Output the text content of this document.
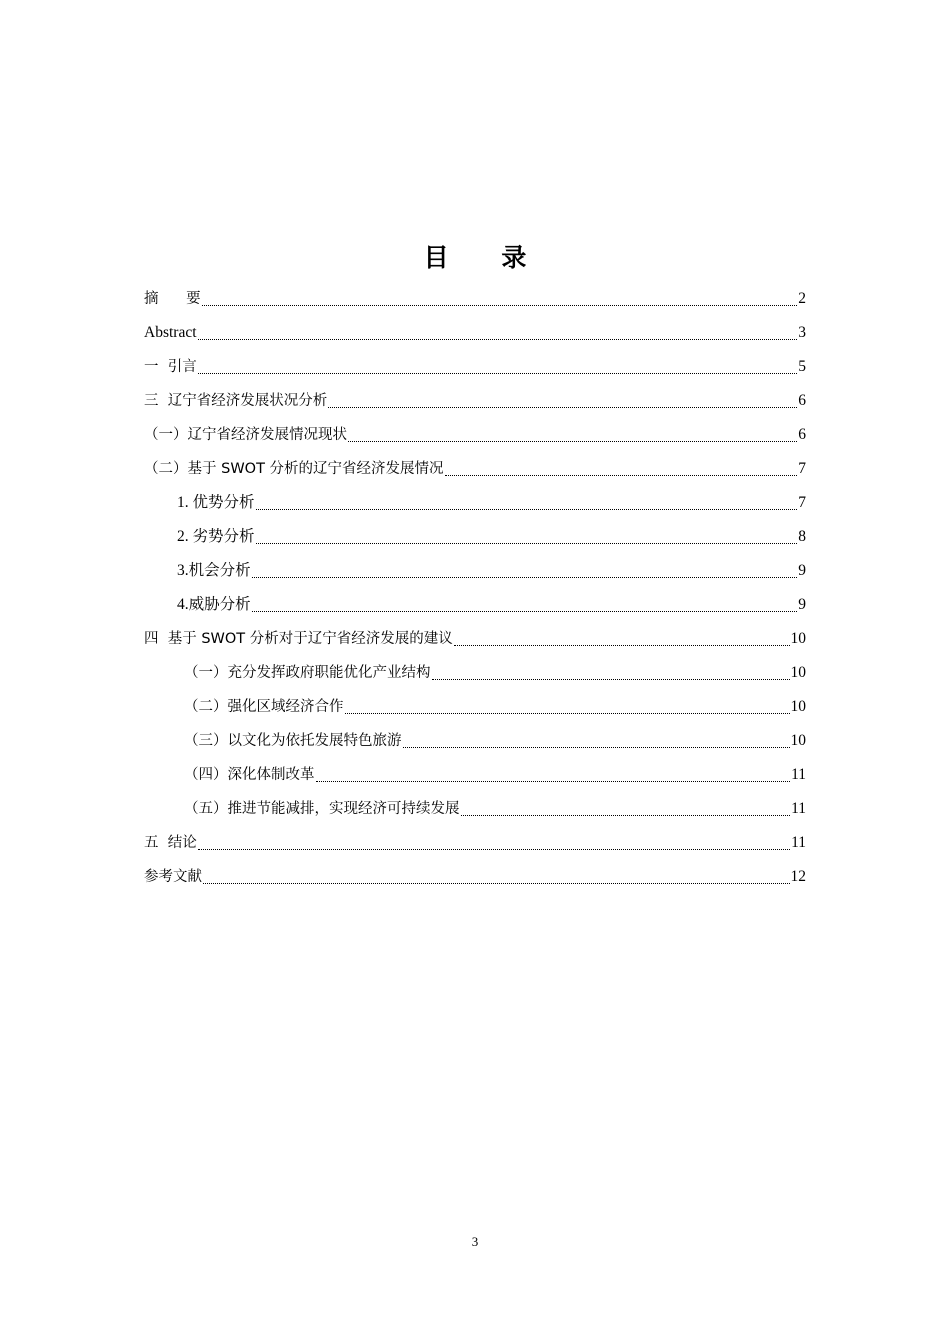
目 录
摘      要	2
Abstract	3
一  引言	5
三  辽宁省经济发展状况分析	6
（一）辽宁省经济发展情况现状	6
（二）基于 SWOT 分析的辽宁省经济发展情况	7
1. 优势分析	7
2. 劣势分析	8
3.机会分析	9
4.威胁分析	9
四  基于 SWOT 分析对于辽宁省经济发展的建议	10
（一）充分发挥政府职能优化产业结构	10
（二）强化区域经济合作	10
（三）以文化为依托发展特色旅游	10
（四）深化体制改革	11
（五）推进节能减排，实现经济可持续发展	11
五  结论	11
参考文献	12
3
